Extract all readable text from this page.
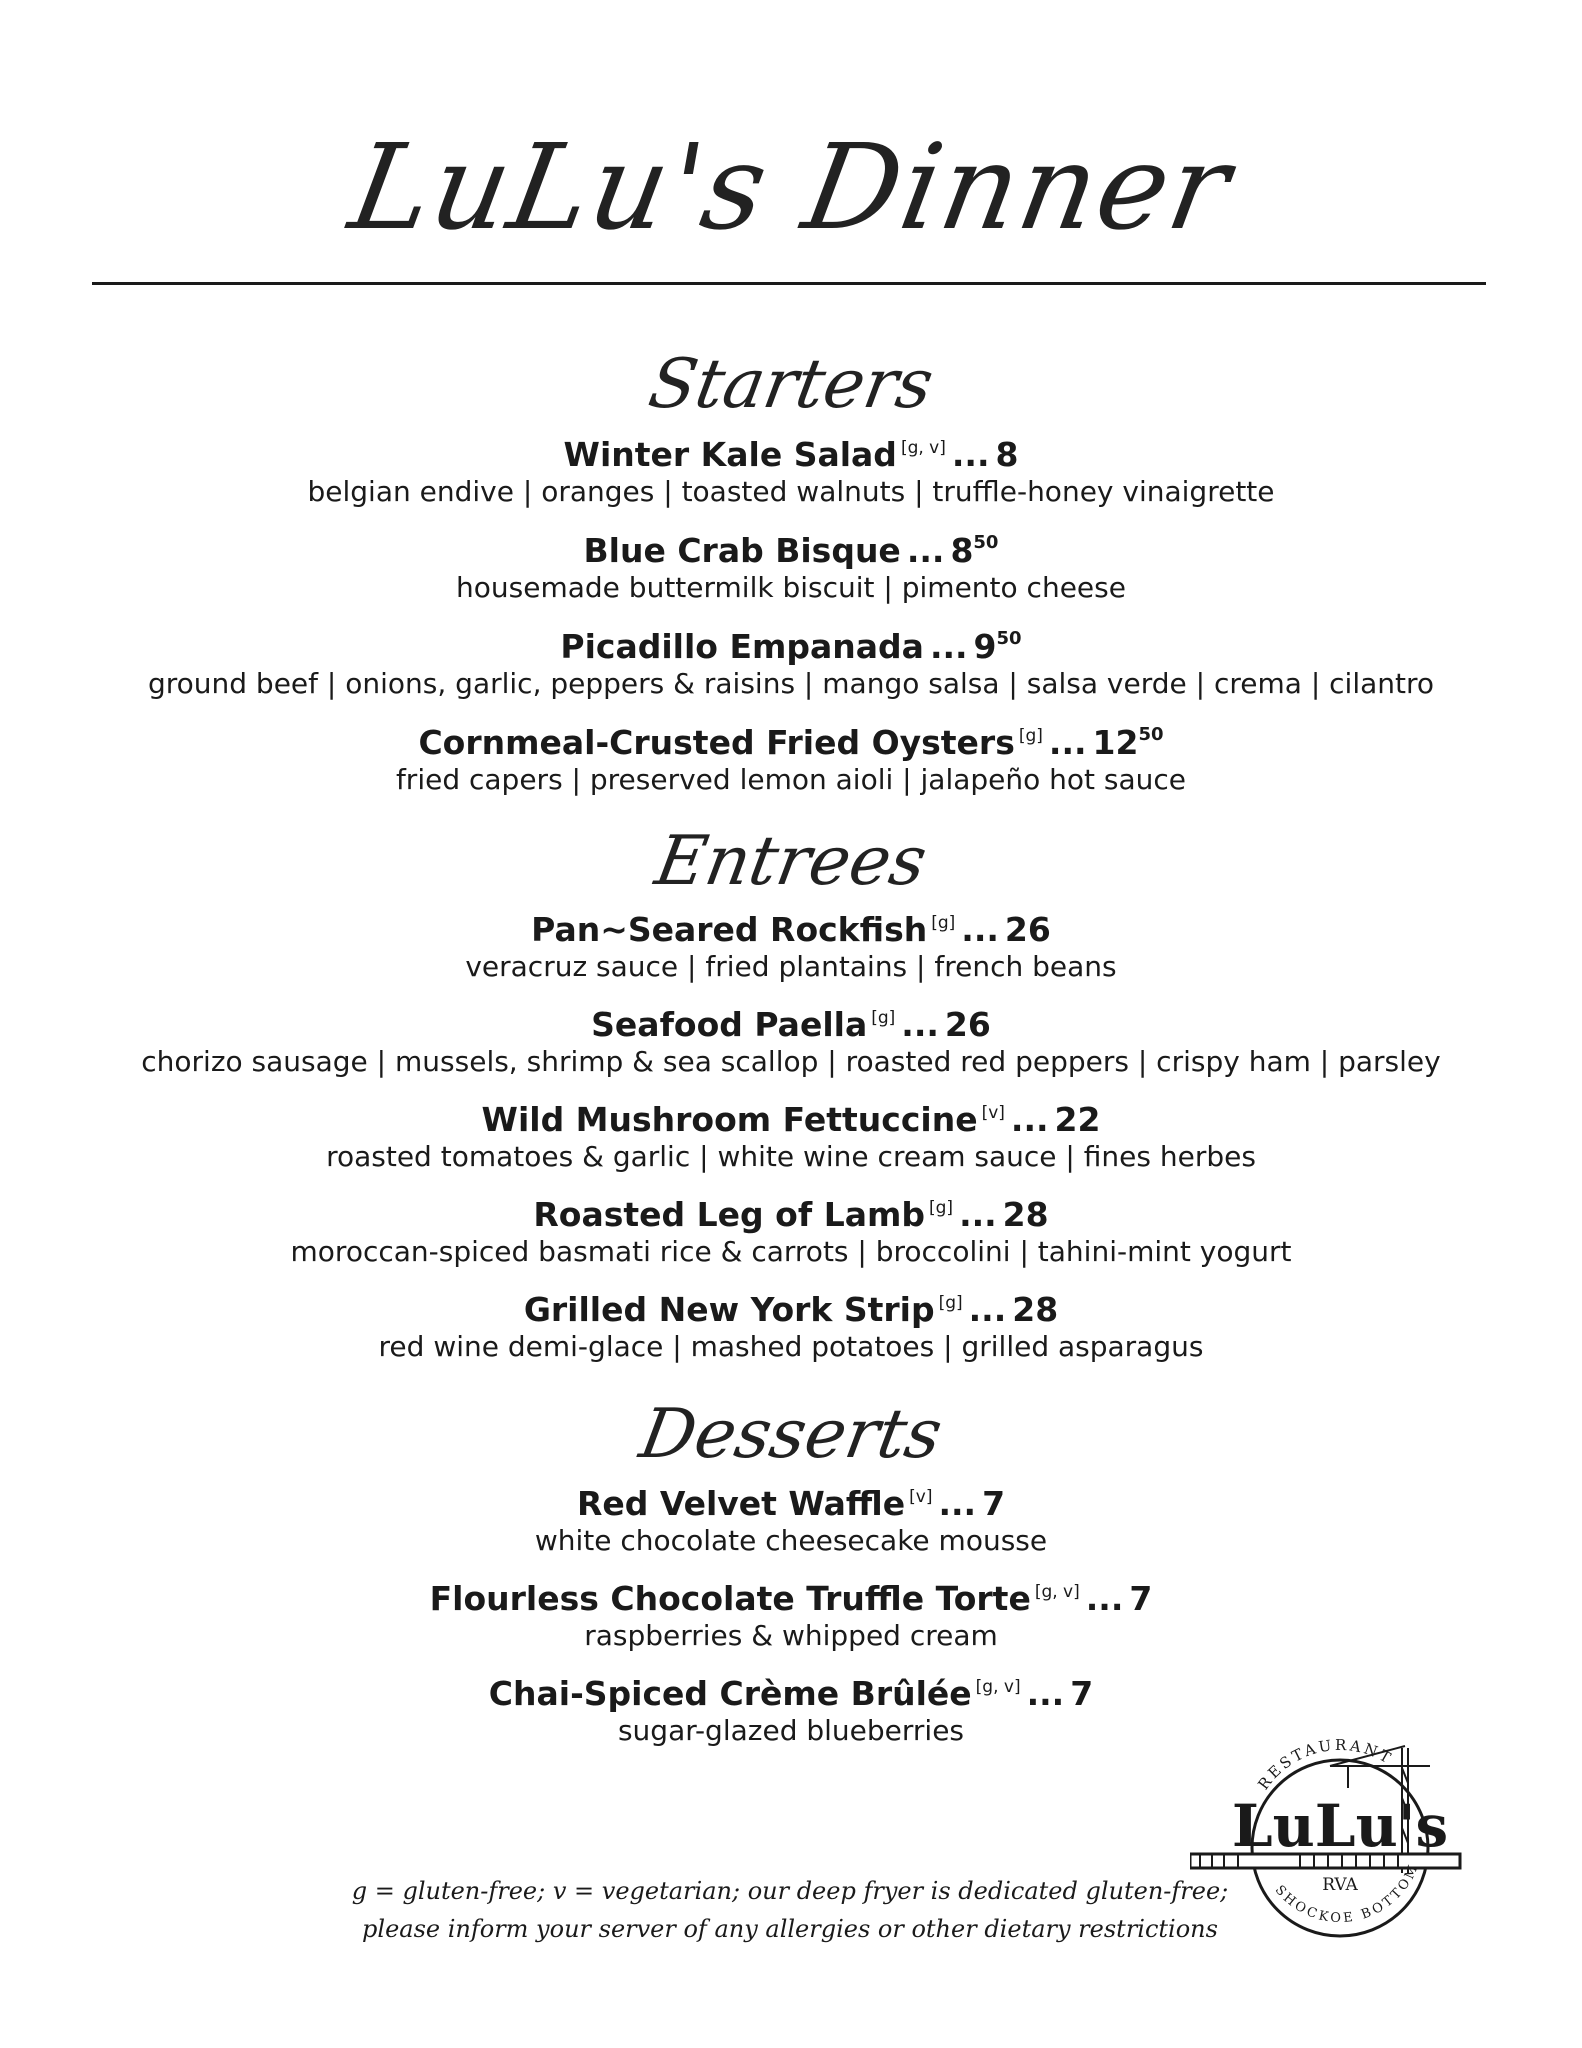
LuLu's Dinner
Starters
Winter Kale Salad [g, v] ... 8
belgian endive | oranges | toasted walnuts | truffle-honey vinaigrette
Blue Crab Bisque ... $8^{50}$
housemade buttermilk biscuit | pimento cheese
Picadillo Empanada ... $9^{50}$
ground beef | onions, garlic, peppers & raisins | mango salsa | salsa verde | crema | cilantro
Cornmeal-Crusted Fried Oysters [g] ... $12^{50}$
fried capers | preserved lemon aioli | jalapeño hot sauce
Entrees
Pan~Seared Rockfish [g] ... 26
veracruz sauce | fried plantains | french beans
Seafood Paella [g] ... 26
chorizo sausage | mussels, shrimp & sea scallop | roasted red peppers | crispy ham | parsley
Wild Mushroom Fettuccine [v] ... 22
roasted tomatoes & garlic | white wine cream sauce | fines herbes
Roasted Leg of Lamb [g] ... 28
moroccan-spiced basmati rice & carrots | broccolini | tahini-mint yogurt
Grilled New York Strip [g] ... 28
red wine demi-glace | mashed potatoes | grilled asparagus
Desserts
Red Velvet Waffle [v] ... 7
white chocolate cheesecake mousse
Flourless Chocolate Truffle Torte [g, v] ... 7
raspberries & whipped cream
Chai-Spiced Crème Brûlée [g, v] ... 7
sugar-glazed blueberries
g = gluten-free; v = vegetarian; our deep fryer is dedicated gluten-free;
please inform your server of any allergies or other dietary restrictions
RESTAURANT
LuLu's
RVA
SHOCKOE BOTTOM
